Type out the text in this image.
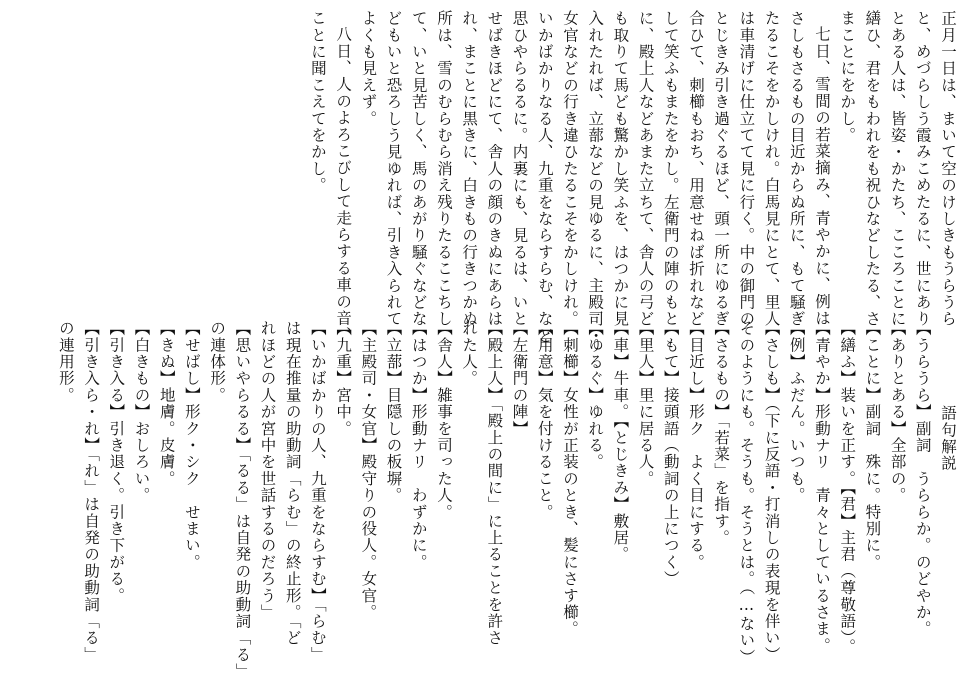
正月一日は、まいて空のけしきもうらうら
と、めづらしう霞みこめたるに、世にあり
とある人は、皆姿・かたち、こころことに
繕ひ、君をもわれをも祝ひなどしたる、さ
まことにをかし。
七日、雪間の若菜摘み、青やかに、例は
さしもさるもの目近からぬ所に、もて騒ぎ
たるこそをかしけれ。白馬見にとて、里人
は車清げに仕立てて見に行く。中の御門の
とじきみ引き過ぐるほど、頭一所にゆるぎ
合ひて、刺櫛もおち、用意せねば折れなど
して笑ふもまたをかし。左衛門の陣のもと
に、殿上人などあまた立ちて、舎人の弓ど
も取りて馬ども驚かし笑ふを、はつかに見
入れたれば、立蔀などの見ゆるに、主殿司・
女官などの行き違ひたるこそをかしけれ。
いかばかりなる人、九重をならすらむ、など
思ひやらるるに。内裏にも、見るは、いと
せばきほどにて、舎人の顔のきぬにあらは
れ、まことに黒きに、白きもの行きつかぬ
所は、雪のむらむら消え残りたるここちし
て、いと見苦しく、馬のあがり騒ぐなどな
どもいと恐ろしう見ゆれば、引き入られて
よくも見えず。
八日、人のよろこびして走らする車の音、
ことに聞こえてをかし。
語句解説
【うらうら】副詞　うららか。のどやか。
【ありとある】全部の。
【ことに】副詞　殊に。特別に。
【繕ふ】装いを正す。【君】主君（尊敬語）。
【青やか】形動ナリ　青々としているさま。
【例】ふだん。いつも。
【さしも】（下に反語・打消しの表現を伴い）
そのようにも。そうも。そうとは。（…ない）
【さるもの】「若菜」を指す。
【目近し】形ク　よく目にする。
【もて】接頭語（動詞の上につく）
【里人】里に居る人。
【車】牛車。【とじきみ】敷居。
【ゆるぐ】ゆれる。
【刺櫛】女性が正装のとき、髪にさす櫛。
【用意】気を付けること。
【左衛門の陣】
【殿上人】「殿上の間に」に上ることを許さ
れた人。
【舎人】雑事を司った人。
【はつか】形動ナリ　わずかに。
【立蔀】目隠しの板塀。
【主殿司・女官】殿守りの役人。女官。
【九重】宮中。
【いかばかりの人、九重をならすむ】「らむ」
は現在推量の助動詞「らむ」の終止形。「ど
れほどの人が宮中を世話するのだろう」
【思いやらるる】「るる」は自発の助動詞「る」
の連体形。
【せばし】形ク・シク　せまい。
【きぬ】地膚。皮膚。
【白きもの】おしろい。
【引き入る】引き退く。引き下がる。
【引き入ら・れ】「れ」は自発の助動詞「る」
の連用形。
